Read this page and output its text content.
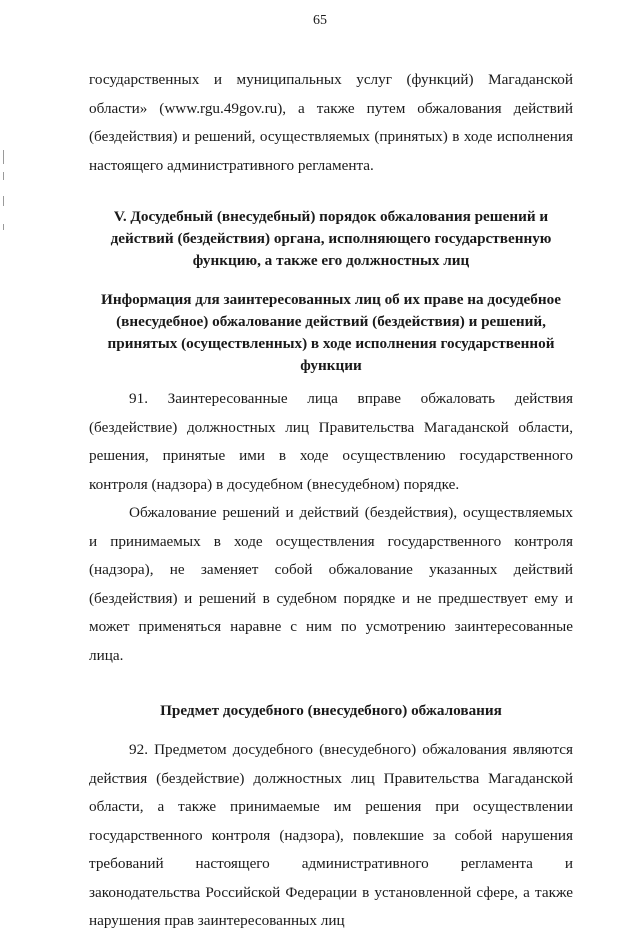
65

государственных и муниципальных услуг (функций) Магаданской области» (www.rgu.49gov.ru), а также путем обжалования действий (бездействия) и решений, осуществляемых (принятых) в ходе исполнения настоящего административного регламента.

V. Досудебный (внесудебный) порядок обжалования решений и действий (бездействия) органа, исполняющего государственную функцию, а также его должностных лиц

Информация для заинтересованных лиц об их праве на досудебное (внесудебное) обжалование действий (бездействия) и решений, принятых (осуществленных) в ходе исполнения государственной функции

91. Заинтересованные лица вправе обжаловать действия (бездействие) должностных лиц Правительства Магаданской области, решения, принятые ими в ходе осуществлению государственного контроля (надзора) в досудебном (внесудебном) порядке.

Обжалование решений и действий (бездействия), осуществляемых и принимаемых в ходе осуществления государственного контроля (надзора), не заменяет собой обжалование указанных действий (бездействия) и решений в судебном порядке и не предшествует ему и может применяться наравне с ним по усмотрению заинтересованные лица.

Предмет досудебного (внесудебного) обжалования

92. Предметом досудебного (внесудебного) обжалования являются действия (бездействие) должностных лиц Правительства Магаданской области, а также принимаемые им решения при осуществлении государственного контроля (надзора), повлекшие за собой нарушения требований настоящего административного регламента и законодательства Российской Федерации в установленной сфере, а также нарушения прав заинтересованных лиц
